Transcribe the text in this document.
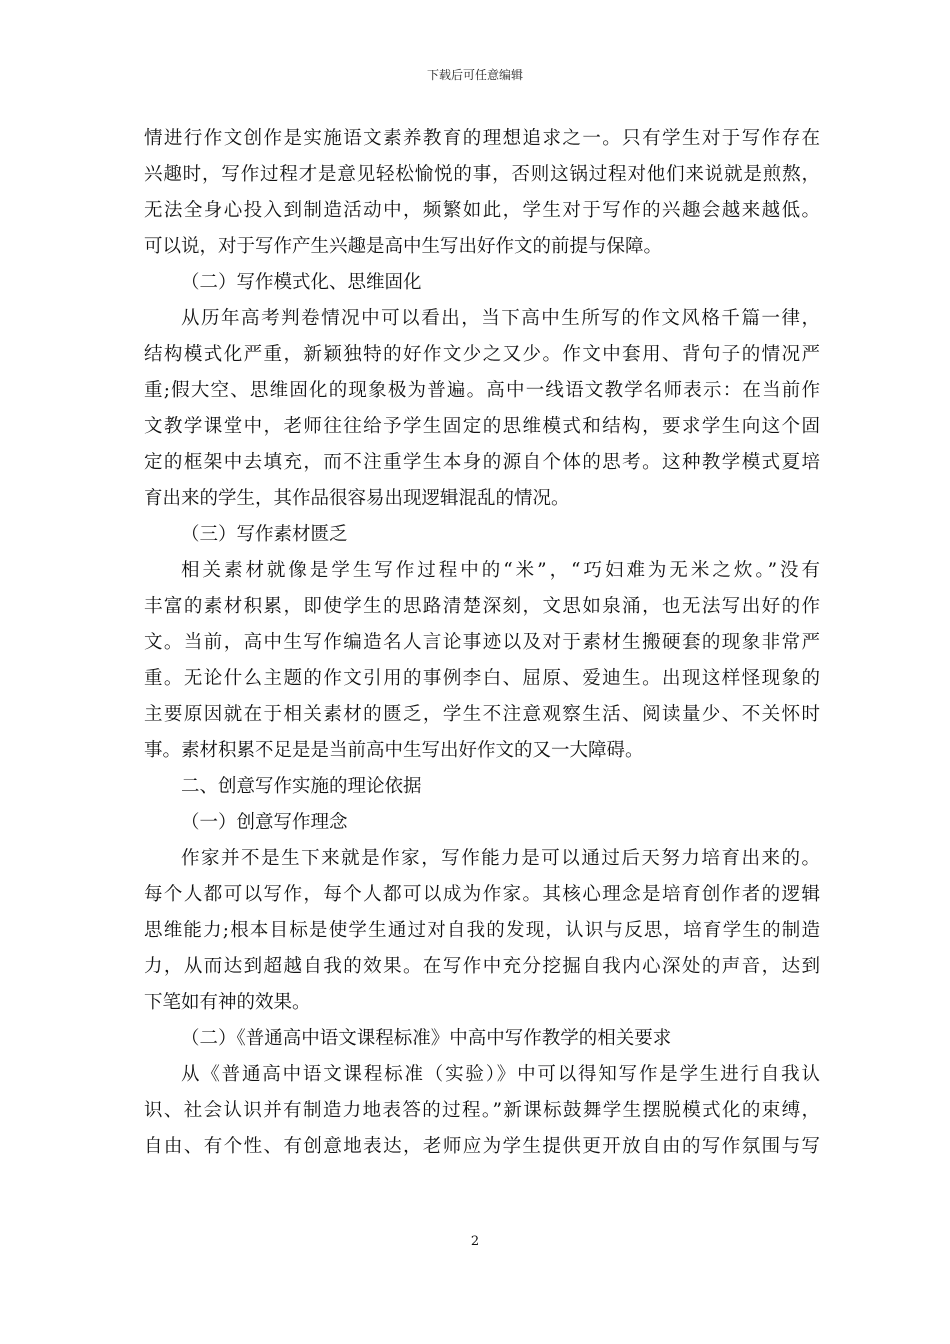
下载后可任意编辑
情进行作文创作是实施语文素养教育的理想追求之一。只有学生对于写作存在
兴趣时，写作过程才是意见轻松愉悦的事，否则这锅过程对他们来说就是煎熬，
无法全身心投入到制造活动中，频繁如此，学生对于写作的兴趣会越来越低。
可以说，对于写作产生兴趣是高中生写出好作文的前提与保障。
（二）写作模式化、思维固化
从历年高考判卷情况中可以看出，当下高中生所写的作文风格千篇一律，
结构模式化严重，新颖独特的好作文少之又少。作文中套用、背句子的情况严
重;假大空、思维固化的现象极为普遍。高中一线语文教学名师表示：在当前作
文教学课堂中，老师往往给予学生固定的思维模式和结构，要求学生向这个固
定的框架中去填充，而不注重学生本身的源自个体的思考。这种教学模式夏培
育出来的学生，其作品很容易出现逻辑混乱的情况。
（三）写作素材匮乏
相关素材就像是学生写作过程中的“米”，“巧妇难为无米之炊。”没有
丰富的素材积累，即使学生的思路清楚深刻，文思如泉涌，也无法写出好的作
文。当前，高中生写作编造名人言论事迹以及对于素材生搬硬套的现象非常严
重。无论什么主题的作文引用的事例李白、屈原、爱迪生。出现这样怪现象的
主要原因就在于相关素材的匮乏，学生不注意观察生活、阅读量少、不关怀时
事。素材积累不足是是当前高中生写出好作文的又一大障碍。
二、创意写作实施的理论依据
（一）创意写作理念
作家并不是生下来就是作家，写作能力是可以通过后天努力培育出来的。
每个人都可以写作，每个人都可以成为作家。其核心理念是培育创作者的逻辑
思维能力;根本目标是使学生通过对自我的发现，认识与反思，培育学生的制造
力，从而达到超越自我的效果。在写作中充分挖掘自我内心深处的声音，达到
下笔如有神的效果。
（二）《普通高中语文课程标准》中高中写作教学的相关要求
从《普通高中语文课程标准（实验）》中可以得知写作是学生进行自我认
识、社会认识并有制造力地表答的过程。”新课标鼓舞学生摆脱模式化的束缚，
自由、有个性、有创意地表达，老师应为学生提供更开放自由的写作氛围与写
2
